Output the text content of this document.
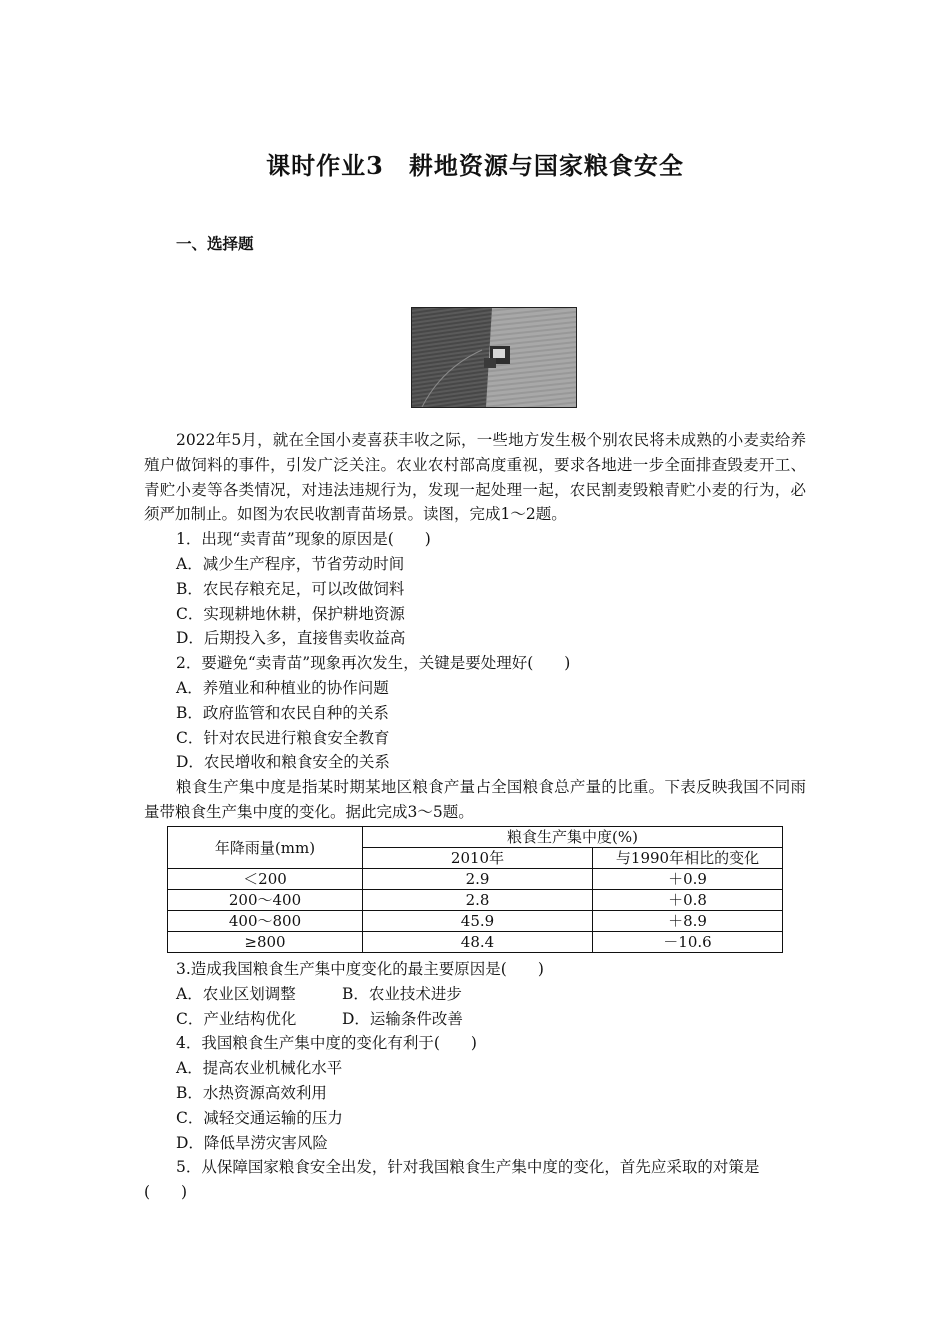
课时作业3　耕地资源与国家粮食安全
一、选择题

2022年5月，就在全国小麦喜获丰收之际，一些地方发生极个别农民将未成熟的小麦卖给养殖户做饲料的事件，引发广泛关注。农业农村部高度重视，要求各地进一步全面排查毁麦开工、青贮小麦等各类情况，对违法违规行为，发现一起处理一起，农民割麦毁粮青贮小麦的行为，必须严加制止。如图为农民收割青苗场景。读图，完成1～2题。

1．出现“卖青苗”现象的原因是(　　)

A．减少生产程序，节省劳动时间

B．农民存粮充足，可以改做饲料

C．实现耕地休耕，保护耕地资源

D．后期投入多，直接售卖收益高

2．要避免“卖青苗”现象再次发生，关键是要处理好(　　)

A．养殖业和种植业的协作问题

B．政府监管和农民自种的关系

C．针对农民进行粮食安全教育

D．农民增收和粮食安全的关系

粮食生产集中度是指某时期某地区粮食产量占全国粮食总产量的比重。下表反映我国不同雨量带粮食生产集中度的变化。据此完成3～5题。

年降雨量(mm)	粮食生产集中度(%)	
	2010年	与1990年相比的变化
＜200	2.9	＋0.9
200～400	2.8	＋0.8
400～800	45.9	＋8.9
≥800	48.4	－10.6

3.造成我国粮食生产集中度变化的最主要原因是(　　)

A．农业区划调整	B．农业技术进步

C．产业结构优化	D．运输条件改善

4．我国粮食生产集中度的变化有利于(　　)

A．提高农业机械化水平

B．水热资源高效利用

C．减轻交通运输的压力

D．降低旱涝灾害风险

5．从保障国家粮食安全出发，针对我国粮食生产集中度的变化，首先应采取的对策是

(　　)
